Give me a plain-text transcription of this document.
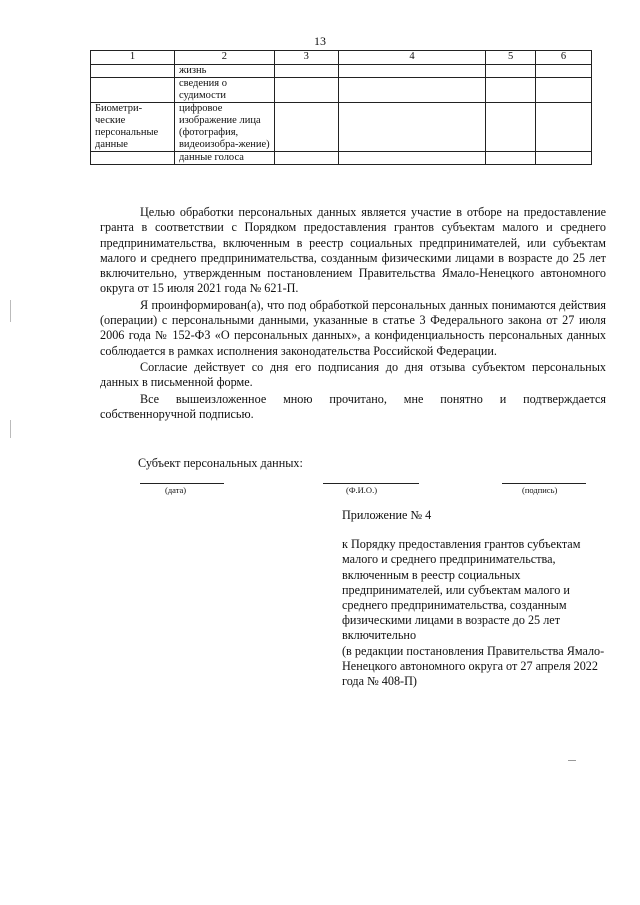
13
1	2	3	4	5	6
	жизнь				
	сведения о судимости				
Биометри-ческие персональные данные	цифровое изображение лица (фотография, видеоизобра-жение)				
	данные голоса				

Целью обработки персональных данных является участие в отборе на предоставление гранта в соответствии с Порядком предоставления грантов субъектам малого и среднего предпринимательства, включенным в реестр социальных предпринимателей, или субъектам малого и среднего предпринимательства, созданным физическими лицами в возрасте до 25 лет включительно, утвержденным постановлением Правительства Ямало-Ненецкого автономного округа от 15 июля 2021 года № 621-П.

Я проинформирован(а), что под обработкой персональных данных понимаются действия (операции) с персональными данными, указанные в статье 3 Федерального закона от 27 июля 2006 года № 152-ФЗ «О персональных данных», а конфиденциальность персональных данных соблюдается в рамках исполнения законодательства Российской Федерации.

Согласие действует со дня его подписания до дня отзыва субъектом персональных данных в письменной форме.

Все вышеизложенное мною прочитано, мне понятно и подтверждается собственноручной подписью.

Субъект персональных данных:
(дата)	(Ф.И.О.)	(подпись)
Приложение № 4
к Порядку предоставления грантов субъектам малого и среднего предпринимательства, включенным в реестр социальных предпринимателей, или субъектам малого и среднего предпринимательства, созданным физическими лицами в возрасте до 25 лет включительно
(в редакции постановления Правительства Ямало-Ненецкого автономного округа от 27 апреля 2022 года № 408-П)
